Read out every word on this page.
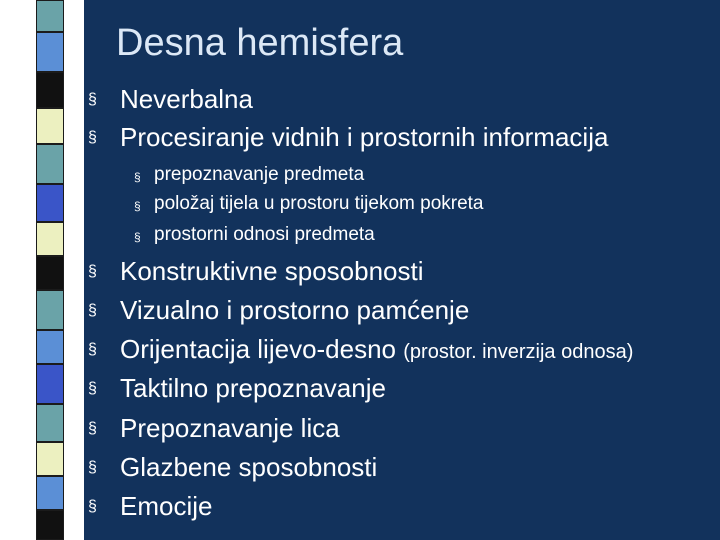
Desna hemisfera
§ Neverbalna
§ Procesiranje vidnih i prostornih informacija
§ prepoznavanje predmeta
§ položaj tijela u prostoru tijekom pokreta
§ prostorni odnosi predmeta
§ Konstruktivne sposobnosti
§ Vizualno i prostorno pamćenje
§ Orijentacija lijevo-desno (prostor. inverzija odnosa)
§ Taktilno prepoznavanje
§ Prepoznavanje lica
§ Glazbene sposobnosti
§ Emocije
